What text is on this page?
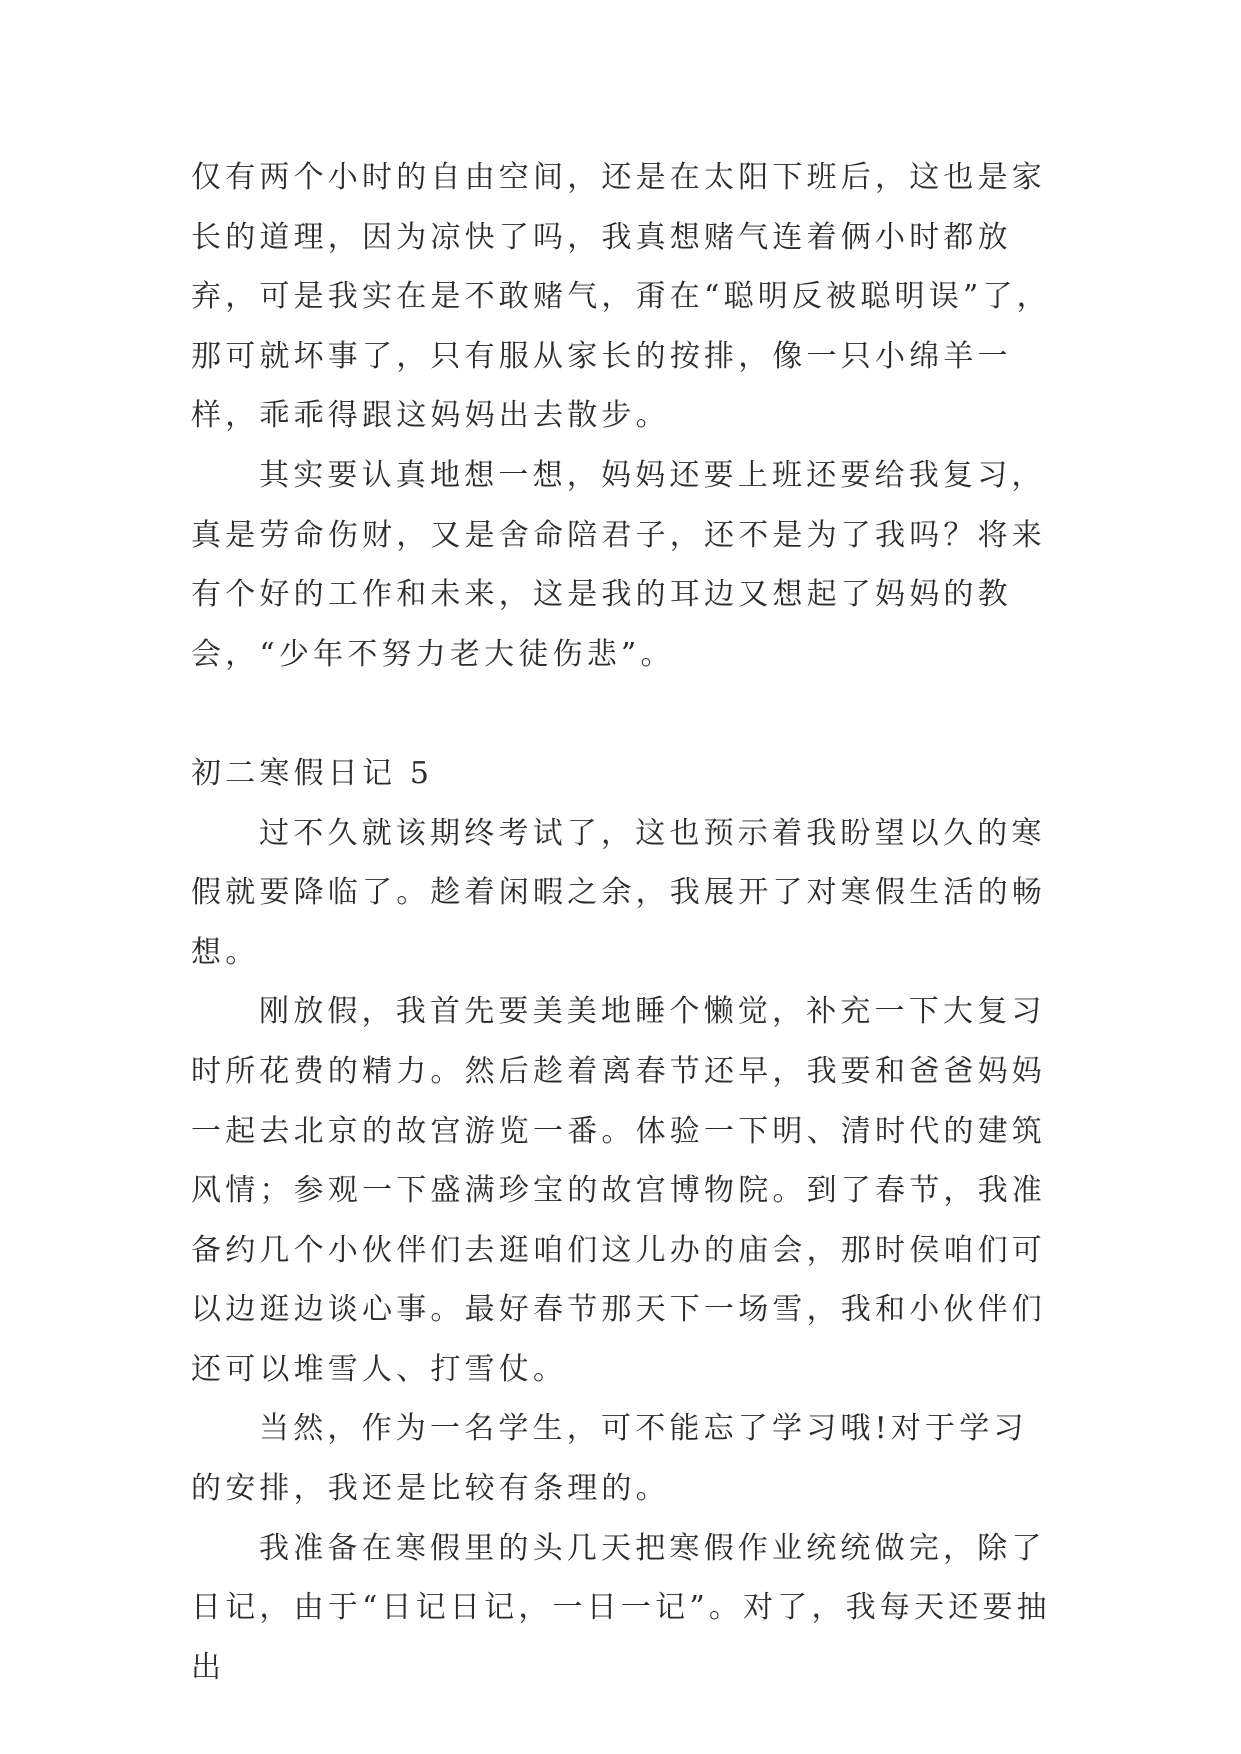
仅有两个小时的自由空间，还是在太阳下班后，这也是家长的道理，因为凉快了吗，我真想赌气连着俩小时都放弃，可是我实在是不敢赌气，甭在“聪明反被聪明误”了，那可就坏事了，只有服从家长的按排，像一只小绵羊一样，乖乖得跟这妈妈出去散步。

其实要认真地想一想，妈妈还要上班还要给我复习，真是劳命伤财，又是舍命陪君子，还不是为了我吗？将来有个好的工作和未来，这是我的耳边又想起了妈妈的教会，“少年不努力老大徒伤悲”。

初二寒假日记 5

过不久就该期终考试了，这也预示着我盼望以久的寒假就要降临了。趁着闲暇之余，我展开了对寒假生活的畅想。

刚放假，我首先要美美地睡个懒觉，补充一下大复习时所花费的精力。然后趁着离春节还早，我要和爸爸妈妈一起去北京的故宫游览一番。体验一下明、清时代的建筑风情；参观一下盛满珍宝的故宫博物院。到了春节，我准备约几个小伙伴们去逛咱们这儿办的庙会，那时侯咱们可以边逛边谈心事。最好春节那天下一场雪，我和小伙伴们还可以堆雪人、打雪仗。

当然，作为一名学生，可不能忘了学习哦!对于学习的安排，我还是比较有条理的。

我准备在寒假里的头几天把寒假作业统统做完，除了日记，由于“日记日记，一日一记”。对了，我每天还要抽出
